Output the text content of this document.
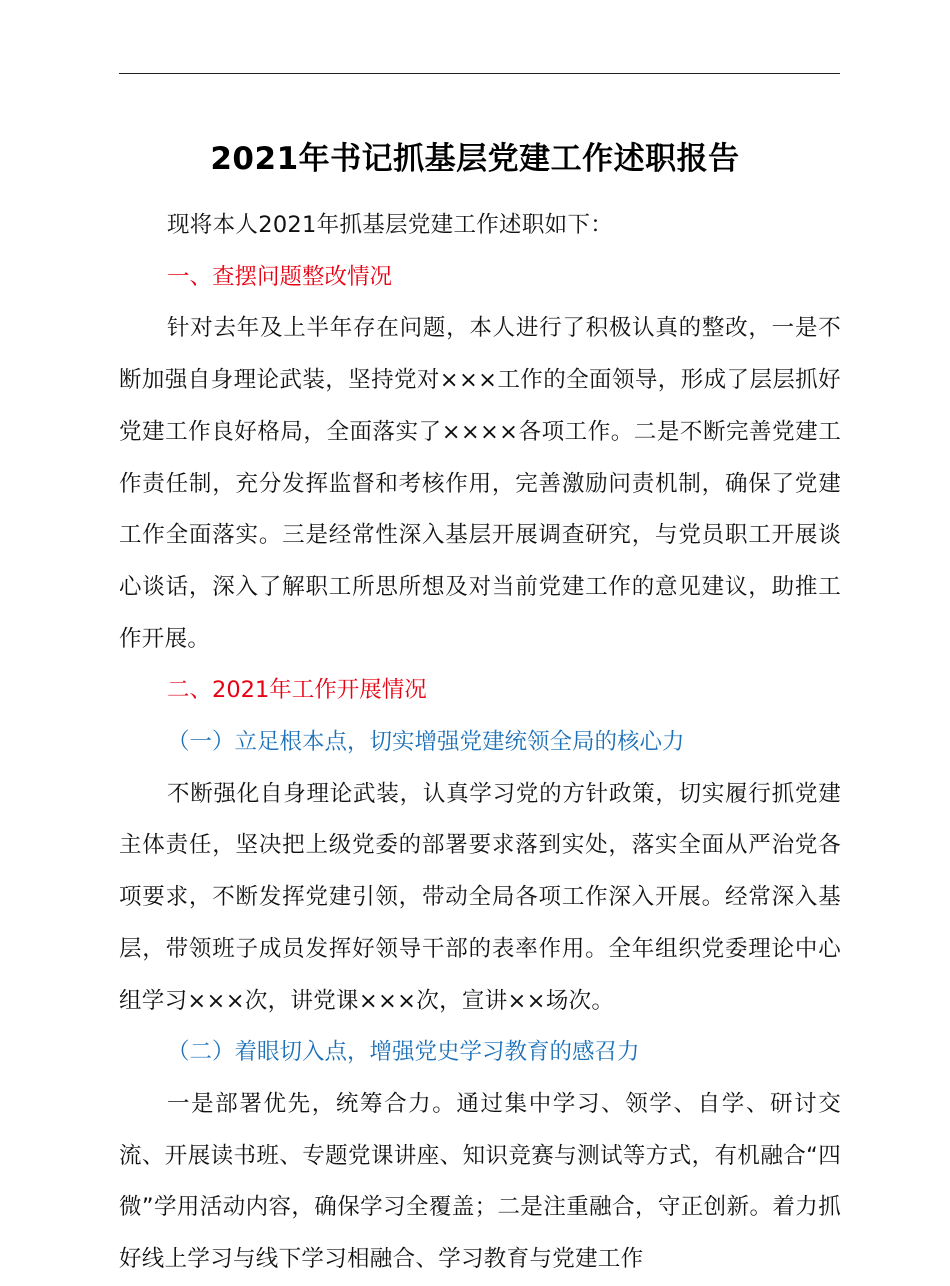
2021年书记抓基层党建工作述职报告

现将本人2021年抓基层党建工作述职如下：

一、查摆问题整改情况

针对去年及上半年存在问题，本人进行了积极认真的整改，一是不断加强自身理论武装，坚持党对×××工作的全面领导，形成了层层抓好党建工作良好格局，全面落实了××××各项工作。二是不断完善党建工作责任制，充分发挥监督和考核作用，完善激励问责机制，确保了党建工作全面落实。三是经常性深入基层开展调查研究，与党员职工开展谈心谈话，深入了解职工所思所想及对当前党建工作的意见建议，助推工作开展。

二、2021年工作开展情况
（一）立足根本点，切实增强党建统领全局的核心力

不断强化自身理论武装，认真学习党的方针政策，切实履行抓党建主体责任，坚决把上级党委的部署要求落到实处，落实全面从严治党各项要求，不断发挥党建引领，带动全局各项工作深入开展。经常深入基层，带领班子成员发挥好领导干部的表率作用。全年组织党委理论中心组学习×××次，讲党课×××次，宣讲××场次。

（二）着眼切入点，增强党史学习教育的感召力

一是部署优先，统筹合力。通过集中学习、领学、自学、研讨交流、开展读书班、专题党课讲座、知识竞赛与测试等方式，有机融合“四微”学用活动内容，确保学习全覆盖；二是注重融合，守正创新。着力抓好线上学习与线下学习相融合、学习教育与党建工作
